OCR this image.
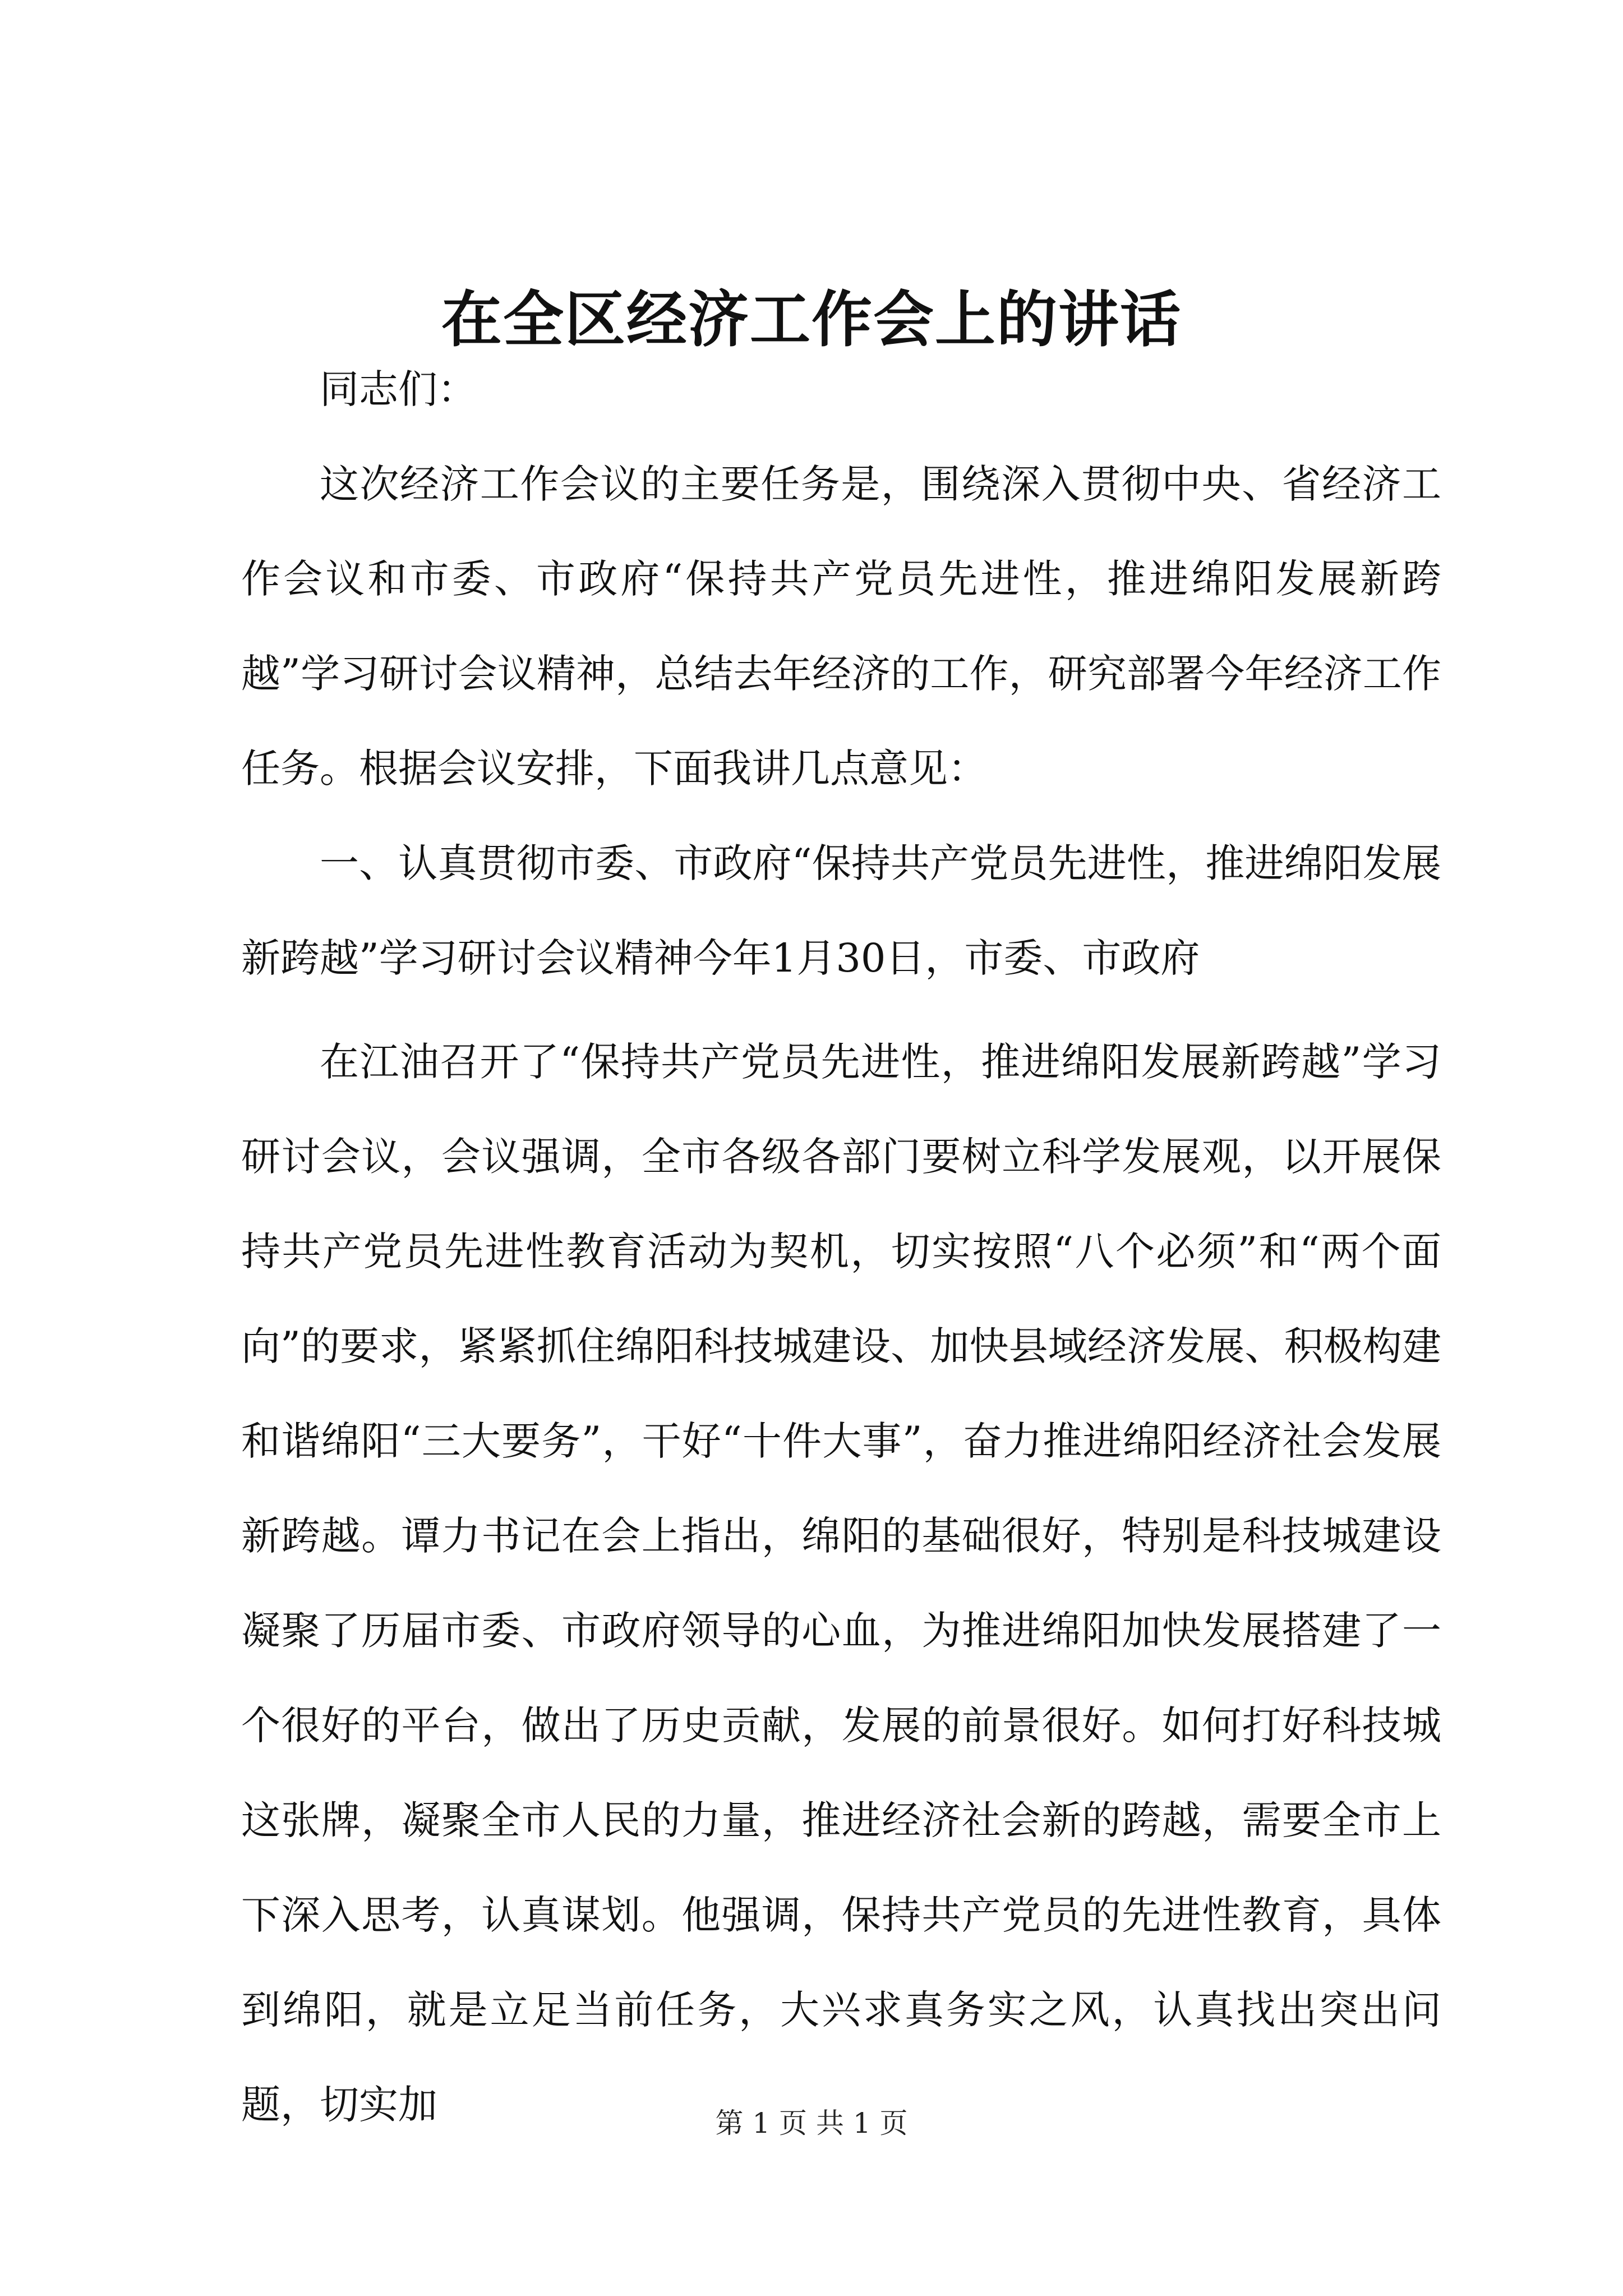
在全区经济工作会上的讲话

同志们：

这次经济工作会议的主要任务是，围绕深入贯彻中央、省经济工作会议和市委、市政府“保持共产党员先进性，推进绵阳发展新跨越”学习研讨会议精神，总结去年经济的工作，研究部署今年经济工作任务。根据会议安排，下面我讲几点意见：

一、认真贯彻市委、市政府“保持共产党员先进性，推进绵阳发展新跨越”学习研讨会议精神今年1月30日，市委、市政府

在江油召开了“保持共产党员先进性，推进绵阳发展新跨越”学习研讨会议，会议强调，全市各级各部门要树立科学发展观，以开展保持共产党员先进性教育活动为契机，切实按照“八个必须”和“两个面向”的要求，紧紧抓住绵阳科技城建设、加快县域经济发展、积极构建和谐绵阳“三大要务”，干好“十件大事”，奋力推进绵阳经济社会发展新跨越。谭力书记在会上指出，绵阳的基础很好，特别是科技城建设凝聚了历届市委、市政府领导的心血，为推进绵阳加快发展搭建了一个很好的平台，做出了历史贡献，发展的前景很好。如何打好科技城这张牌，凝聚全市人民的力量，推进经济社会新的跨越，需要全市上下深入思考，认真谋划。他强调，保持共产党员的先进性教育，具体到绵阳，就是立足当前任务，大兴求真务实之风，认真找出突出问题，切实加	第 1 页 共 1 页
